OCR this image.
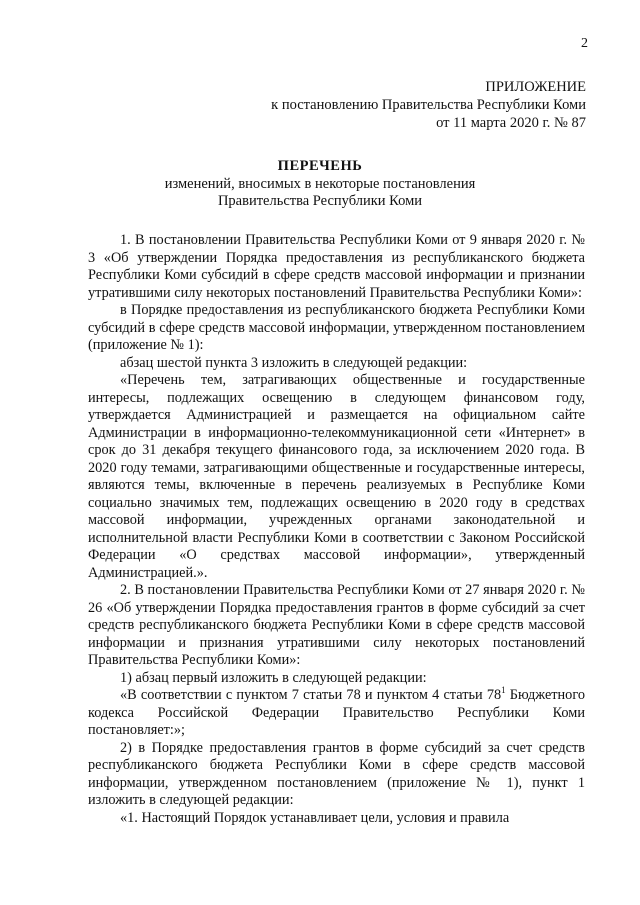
2
ПРИЛОЖЕНИЕ
к постановлению Правительства Республики Коми
от 11 марта 2020 г. № 87
ПЕРЕЧЕНЬ
изменений, вносимых в некоторые постановления
Правительства Республики Коми

1. В постановлении Правительства Республики Коми от 9 января 2020 г. № 3 «Об утверждении Порядка предоставления из республиканского бюджета Республики Коми субсидий в сфере средств массовой информации и признании утратившими силу некоторых постановлений Правительства Республики Коми»:

в Порядке предоставления из республиканского бюджета Республики Коми субсидий в сфере средств массовой информации, утвержденном постановлением (приложение № 1):

абзац шестой пункта 3 изложить в следующей редакции:

«Перечень тем, затрагивающих общественные и государственные интересы, подлежащих освещению в следующем финансовом году, утверждается Администрацией и размещается на официальном сайте Администрации в информационно-телекоммуникационной сети «Интернет» в срок до 31 декабря текущего финансового года, за исключением 2020 года. В 2020 году темами, затрагивающими общественные и государственные интересы, являются темы, включенные в перечень реализуемых в Республике Коми социально значимых тем, подлежащих освещению в 2020 году в средствах массовой информации, учрежденных органами законодательной и исполнительной власти Республики Коми в соответствии с Законом Российской Федерации «О средствах массовой информации», утвержденный Администрацией.».

2. В постановлении Правительства Республики Коми от 27 января 2020 г. № 26 «Об утверждении Порядка предоставления грантов в форме субсидий за счет средств республиканского бюджета Республики Коми в сфере средств массовой информации и признания утратившими силу некоторых постановлений Правительства Республики Коми»:

1) абзац первый изложить в следующей редакции:

«В соответствии с пунктом 7 статьи 78 и пунктом 4 статьи $78^1$ Бюджетного кодекса Российской Федерации Правительство Республики Коми постановляет:»;

2) в Порядке предоставления грантов в форме субсидий за счет средств республиканского бюджета Республики Коми в сфере средств массовой информации, утвержденном постановлением (приложение № 1), пункт 1 изложить в следующей редакции:

«1. Настоящий Порядок устанавливает цели, условия и правила
